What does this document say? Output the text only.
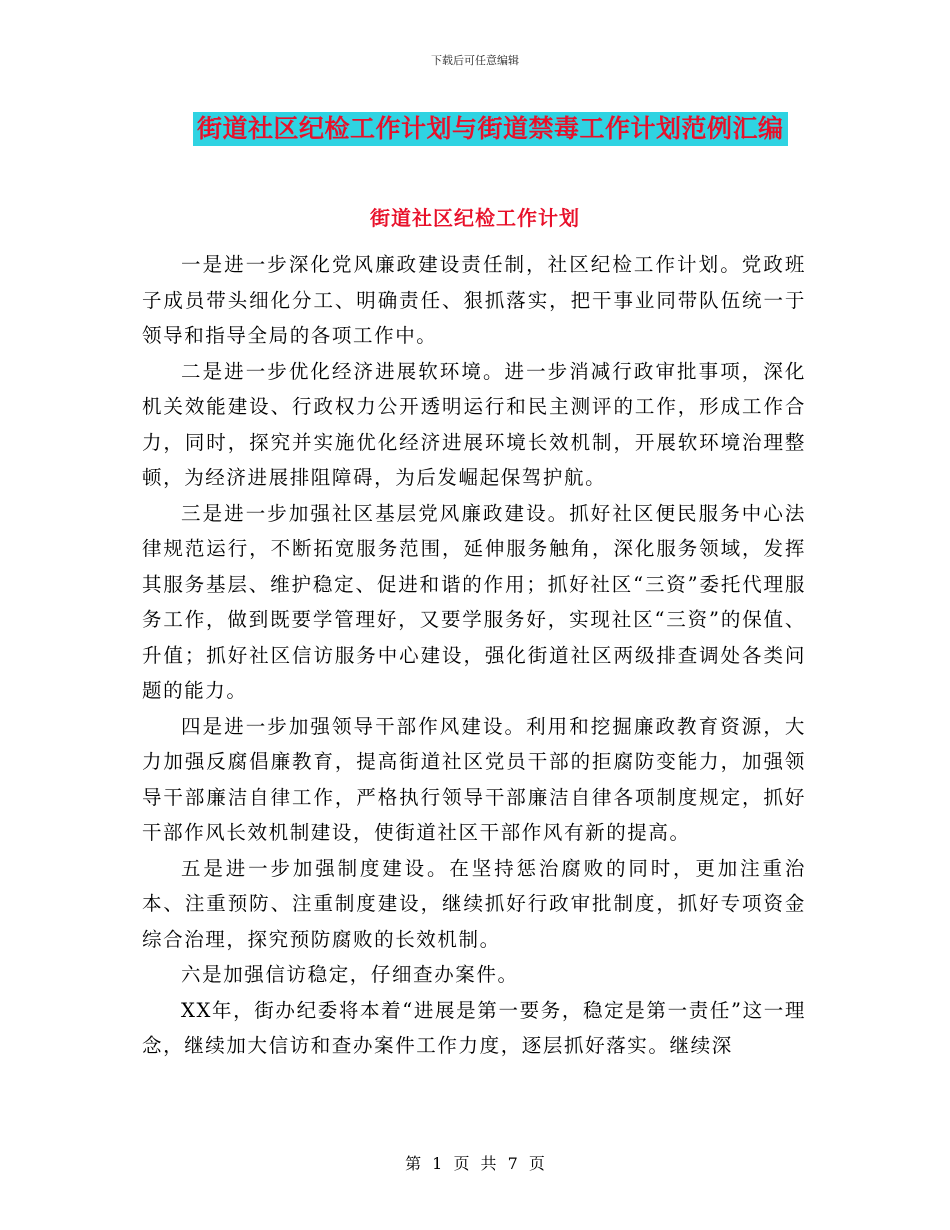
下载后可任意编辑
街道社区纪检工作计划与街道禁毒工作计划范例汇编
街道社区纪检工作计划

一是进一步深化党风廉政建设责任制，社区纪检工作计划。党政班子成员带头细化分工、明确责任、狠抓落实，把干事业同带队伍统一于领导和指导全局的各项工作中。

二是进一步优化经济进展软环境。进一步消减行政审批事项，深化机关效能建设、行政权力公开透明运行和民主测评的工作，形成工作合力，同时，探究并实施优化经济进展环境长效机制，开展软环境治理整顿，为经济进展排阻障碍，为后发崛起保驾护航。

三是进一步加强社区基层党风廉政建设。抓好社区便民服务中心法律规范运行，不断拓宽服务范围，延伸服务触角，深化服务领域，发挥其服务基层、维护稳定、促进和谐的作用；抓好社区“三资”委托代理服务工作，做到既要学管理好，又要学服务好，实现社区“三资”的保值、升值；抓好社区信访服务中心建设，强化街道社区两级排查调处各类问题的能力。

四是进一步加强领导干部作风建设。利用和挖掘廉政教育资源，大力加强反腐倡廉教育，提高街道社区党员干部的拒腐防变能力，加强领导干部廉洁自律工作，严格执行领导干部廉洁自律各项制度规定，抓好干部作风长效机制建设，使街道社区干部作风有新的提高。

五是进一步加强制度建设。在坚持惩治腐败的同时，更加注重治本、注重预防、注重制度建设，继续抓好行政审批制度，抓好专项资金综合治理，探究预防腐败的长效机制。

六是加强信访稳定，仔细查办案件。

XX年，街办纪委将本着“进展是第一要务，稳定是第一责任”这一理念，继续加大信访和查办案件工作力度，逐层抓好落实。继续深

第 1 页 共 7 页
